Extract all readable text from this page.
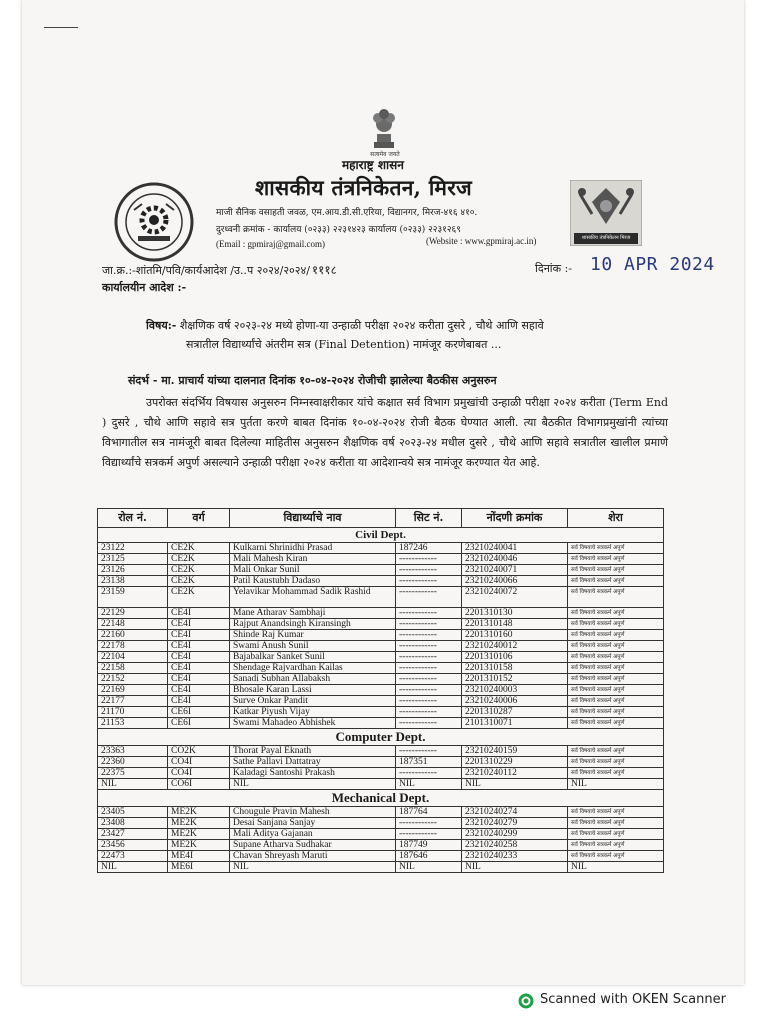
सत्यमेव जयते
शासकीय तंत्रनिकेतन मिरज
महाराष्ट्र शासन
शासकीय तंत्रनिकेतन, मिरज
माजी सैनिक वसाहती जवळ, एम.आय.डी.सी.एरिया, विद्यानगर, मिरज-४१६ ४१०.
दुरध्वनी क्रमांक - कार्यालय (०२३३) २२३१४२३ कार्यालय (०२३३) २२३१२६९
(Email : gpmiraj@gmail.com)	(Website : www.gpmiraj.ac.in)
जा.क्र.:-शांतमि/पवि/कार्यआदेश /उ..प २०२४/२०२४/ १११८	दिनांक :- 10 APR 2024
कार्यालयीन आदेश :-
विषय:- शैक्षणिक वर्ष २०२३-२४ मध्ये होणा-या उन्हाळी परीक्षा २०२४ करीता दुसरे , चौथे आणि सहावे
सत्रातील विद्यार्थ्यांचे अंतरीम सत्र (Final Detention) नामंजूर करणेबाबत ...
संदर्भ - मा. प्राचार्य यांच्या दालनात दिनांक १०-०४-२०२४ रोजीची झालेल्या बैठकीस अनुसरुन
उपरोक्त संदर्भिय विषयास अनुसरुन निम्नस्वाक्षरीकार यांचे कक्षात सर्व विभाग प्रमुखांची उन्हाळी परीक्षा २०२४ करीता (Term End ) दुसरे , चौथे आणि सहावे सत्र पुर्तता करणे बाबत दिनांक १०-०४-२०२४ रोजी बैठक घेण्यात आली. त्या बैठकीत विभागप्रमुखांनी त्यांच्या विभागातील सत्र नामंजूरी बाबत दिलेल्या माहितीस अनुसरुन शैक्षणिक वर्ष २०२३-२४ मधील दुसरे , चौथे आणि सहावे सत्रातील खालील प्रमाणे विद्यार्थ्यांचे सत्रकर्म अपुर्ण असल्याने उन्हाळी परीक्षा २०२४ करीता या आदेशान्वये सत्र नामंजूर करण्यात येत आहे.
रोल नं.	वर्ग	विद्यार्थ्याचे नाव	सिट नं.	नोंदणी क्रमांक	शेरा
Civil Dept.					
23122	CE2K	Kulkarni Shrinidhi Prasad	187246	23210240041	सर्व विषयाचे सत्रकर्म अपुर्ण
23125	CE2K	Mali Mahesh Kiran	------------	23210240046	सर्व विषयाचे सत्रकर्म अपुर्ण
23126	CE2K	Mali Onkar Sunil	------------	23210240071	सर्व विषयाचे सत्रकर्म अपुर्ण
23138	CE2K	Patil Kaustubh Dadaso	------------	23210240066	सर्व विषयाचे सत्रकर्म अपुर्ण
23159	CE2K	Yelavikar Mohammad Sadik Rashid	------------	23210240072	सर्व विषयाचे सत्रकर्म अपुर्ण
22129	CE4I	Mane Atharav Sambhaji	------------	2201310130	सर्व विषयाचे सत्रकर्म अपुर्ण
22148	CE4I	Rajput Anandsingh Kiransingh	------------	2201310148	सर्व विषयाचे सत्रकर्म अपुर्ण
22160	CE4I	Shinde Raj Kumar	------------	2201310160	सर्व विषयाचे सत्रकर्म अपुर्ण
22178	CE4I	Swami Anush Sunil	------------	23210240012	सर्व विषयाचे सत्रकर्म अपुर्ण
22104	CE4I	Bajabalkar Sanket Sunil	------------	2201310106	सर्व विषयाचे सत्रकर्म अपुर्ण
22158	CE4I	Shendage Rajvardhan Kailas	------------	2201310158	सर्व विषयाचे सत्रकर्म अपुर्ण
22152	CE4I	Sanadi Subhan Allabaksh	------------	2201310152	सर्व विषयाचे सत्रकर्म अपुर्ण
22169	CE4I	Bhosale Karan Lassi	------------	23210240003	सर्व विषयाचे सत्रकर्म अपुर्ण
22177	CE4I	Surve Onkar Pandit	------------	23210240006	सर्व विषयाचे सत्रकर्म अपुर्ण
21170	CE6I	Katkar Piyush Vijay	------------	2201310287	सर्व विषयाचे सत्रकर्म अपुर्ण
21153	CE6I	Swami Mahadeo Abhishek	------------	2101310071	सर्व विषयाचे सत्रकर्म अपुर्ण
Computer Dept.					
23363	CO2K	Thorat Payal Eknath	------------	23210240159	सर्व विषयाचे सत्रकर्म अपुर्ण
22360	CO4I	Sathe Pallavi Dattatray	187351	2201310229	सर्व विषयाचे सत्रकर्म अपुर्ण
22375	CO4I	Kaladagi Santoshi Prakash	------------	23210240112	सर्व विषयाचे सत्रकर्म अपुर्ण
NIL	CO6I	NIL	NIL	NIL	NIL
Mechanical Dept.					
23405	ME2K	Chougule Pravin Mahesh	187764	23210240274	सर्व विषयाचे सत्रकर्म अपुर्ण
23408	ME2K	Desai Sanjana Sanjay	------------	23210240279	सर्व विषयाचे सत्रकर्म अपुर्ण
23427	ME2K	Mali Aditya Gajanan	------------	23210240299	सर्व विषयाचे सत्रकर्म अपुर्ण
23456	ME2K	Supane Atharva Sudhakar	187749	23210240258	सर्व विषयाचे सत्रकर्म अपुर्ण
22473	ME4I	Chavan Shreyash Maruti	187646	23210240233	सर्व विषयाचे सत्रकर्म अपुर्ण
NIL	ME6I	NIL	NIL	NIL	NIL
Scanned with OKEN Scanner
